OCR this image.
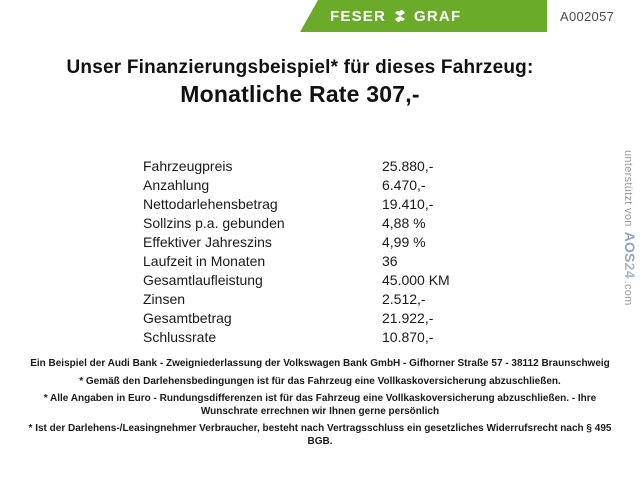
FESER GRAF	A002057
Unser Finanzierungsbeispiel* für dieses Fahrzeug:
Monatliche Rate 307,-
Fahrzeugpreis	25.880,-
Anzahlung	6.470,-
Nettodarlehensbetrag	19.410,-
Sollzins p.a. gebunden	4,88 %
Effektiver Jahreszins	4,99 %
Laufzeit in Monaten	36
Gesamtlaufleistung	45.000 KM
Zinsen	2.512,-
Gesamtbetrag	21.922,-
Schlussrate	10.870,-
Ein Beispiel der Audi Bank - Zweigniederlassung der Volkswagen Bank GmbH - Gifhorner Straße 57 - 38112 Braunschweig
* Gemäß den Darlehensbedingungen ist für das Fahrzeug eine Vollkaskoversicherung abzuschließen.
* Alle Angaben in Euro - Rundungsdifferenzen ist für das Fahrzeug eine Vollkaskoversicherung abzuschließen. - Ihre Wunschrate errechnen wir Ihnen gerne persönlich
* Ist der Darlehens-/Leasingnehmer Verbraucher, besteht nach Vertragsschluss ein gesetzliches Widerrufsrecht nach § 495 BGB.
unterstützt von
AOS24
.com
